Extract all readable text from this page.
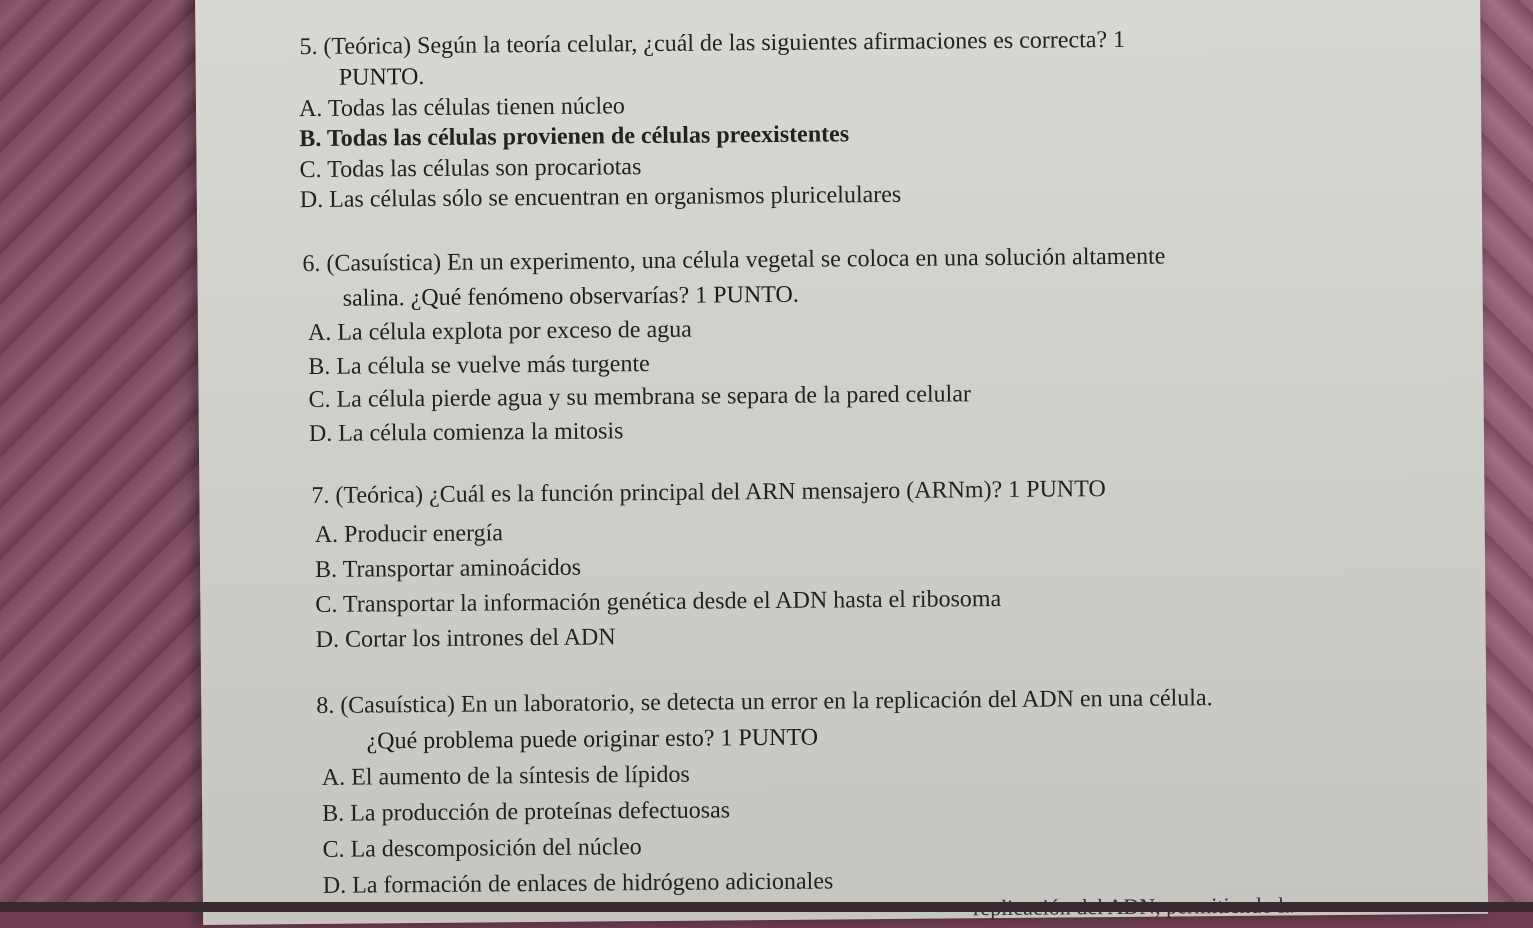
5. (Teórica) Según la teoría celular, ¿cuál de las siguientes afirmaciones es correcta? 1
PUNTO.
A. Todas las células tienen núcleo
B. Todas las células provienen de células preexistentes
C. Todas las células son procariotas
D. Las células sólo se encuentran en organismos pluricelulares
6. (Casuística) En un experimento, una célula vegetal se coloca en una solución altamente
salina. ¿Qué fenómeno observarías? 1 PUNTO.
A. La célula explota por exceso de agua
B. La célula se vuelve más turgente
C. La célula pierde agua y su membrana se separa de la pared celular
D. La célula comienza la mitosis
7. (Teórica) ¿Cuál es la función principal del ARN mensajero (ARNm)? 1 PUNTO
A. Producir energía
B. Transportar aminoácidos
C. Transportar la información genética desde el ADN hasta el ribosoma
D. Cortar los intrones del ADN
8. (Casuística) En un laboratorio, se detecta un error en la replicación del ADN en una célula.
¿Qué problema puede originar esto? 1 PUNTO
A. El aumento de la síntesis de lípidos
B. La producción de proteínas defectuosas
C. La descomposición del núcleo
D. La formación de enlaces de hidrógeno adicionales
